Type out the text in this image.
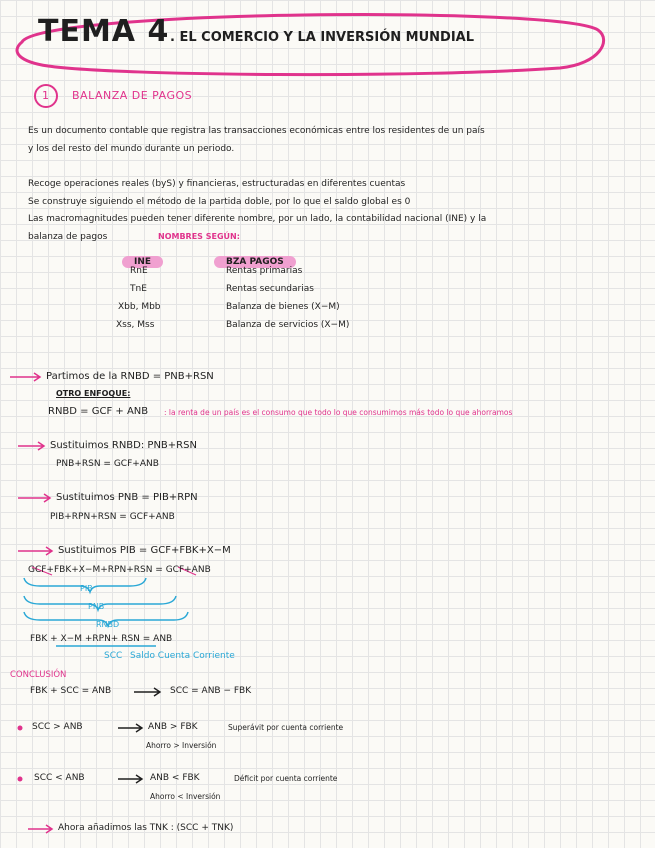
TEMA 4 . EL COMERCIO Y LA INVERSIÓN MUNDIAL
1 BALANZA DE PAGOS
Es un documento contable que registra las transacciones económicas entre los residentes de un país
y los del resto del mundo durante un periodo.
Recoge operaciones reales (byS) y financieras, estructuradas en diferentes cuentas
Se construye siguiendo el método de la partida doble, por lo que el saldo global es 0
Las macromagnitudes pueden tener diferente nombre, por un lado, la contabilidad nacional (INE) y la
balanza de pagos	NOMBRES SEGÚN:
INE	BZA PAGOS
RnE	Rentas primarias
TnE	Rentas secundarias
Xbb, Mbb	Balanza de bienes (X−M)
Xss, Mss	Balanza de servicios (X−M)
Partimos de la RNBD = PNB+RSN
OTRO ENFOQUE:
RNBD = GCF + ANB : la renta de un país es el consumo que todo lo que consumimos más todo lo que ahorramos
Sustituimos RNBD: PNB+RSN
PNB+RSN = GCF+ANB
Sustituimos PNB = PIB+RPN
PIB+RPN+RSN = GCF+ANB
Sustituimos PIB = GCF+FBK+X−M
GCF+FBK+X−M+RPN+RSN = GCF+ANB
PIB
PNB
RNBD
FBK + X−M +RPN+ RSN = ANB
SCC Saldo Cuenta Corriente
CONCLUSIÓN
FBK + SCC = ANB	SCC = ANB − FBK
SCC > ANB	ANB > FBK	Superávit por cuenta corriente
Ahorro > Inversión
SCC < ANB	ANB < FBK	Déficit por cuenta corriente
Ahorro < Inversión
Ahora añadimos las TNK : (SCC + TNK)
